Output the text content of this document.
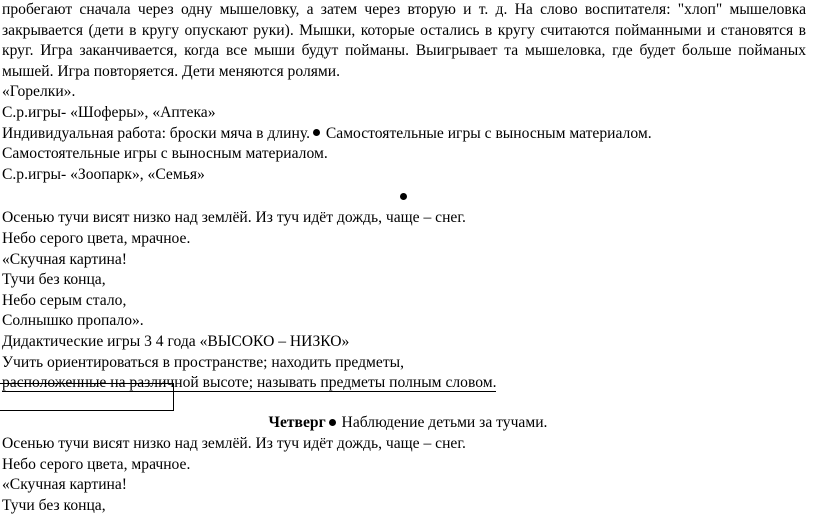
пробегают сначала через одну мышеловку, а затем через вторую и т. д. На слово воспитателя: "хлоп" мышеловка закрывается (дети в кругу опускают руки). Мышки, которые остались в кругу считаются пойманными и становятся в круг. Игра заканчивается, когда все мыши будут пойманы. Выигрывает та мышеловка, где будет больше пойманых мышей. Игра повторяется. Дети меняются ролями.

«Горелки».

С.р.игры- «Шоферы», «Аптека»

Индивидуальная работа: броски мяча в длину. Самостоятельные игры с выносным материалом.

Самостоятельные игры с выносным материалом.

С.р.игры- «Зоопарк», «Семья»

Осенью тучи висят низко над землёй. Из туч идёт дождь, чаще – снег.

Небо серого цвета, мрачное.

«Скучная картина!

Тучи без конца,

Небо серым стало,

Солнышко пропало».

Дидактические игры 3 4 года «ВЫСОКО – НИЗКО»

Учить ориентироваться в пространстве; находить предметы,

расположенные на различной высоте; называть предметы полным словом.

Четверг Наблюдение детьми за тучами.

Осенью тучи висят низко над землёй. Из туч идёт дождь, чаще – снег.

Небо серого цвета, мрачное.

«Скучная картина!

Тучи без конца,
